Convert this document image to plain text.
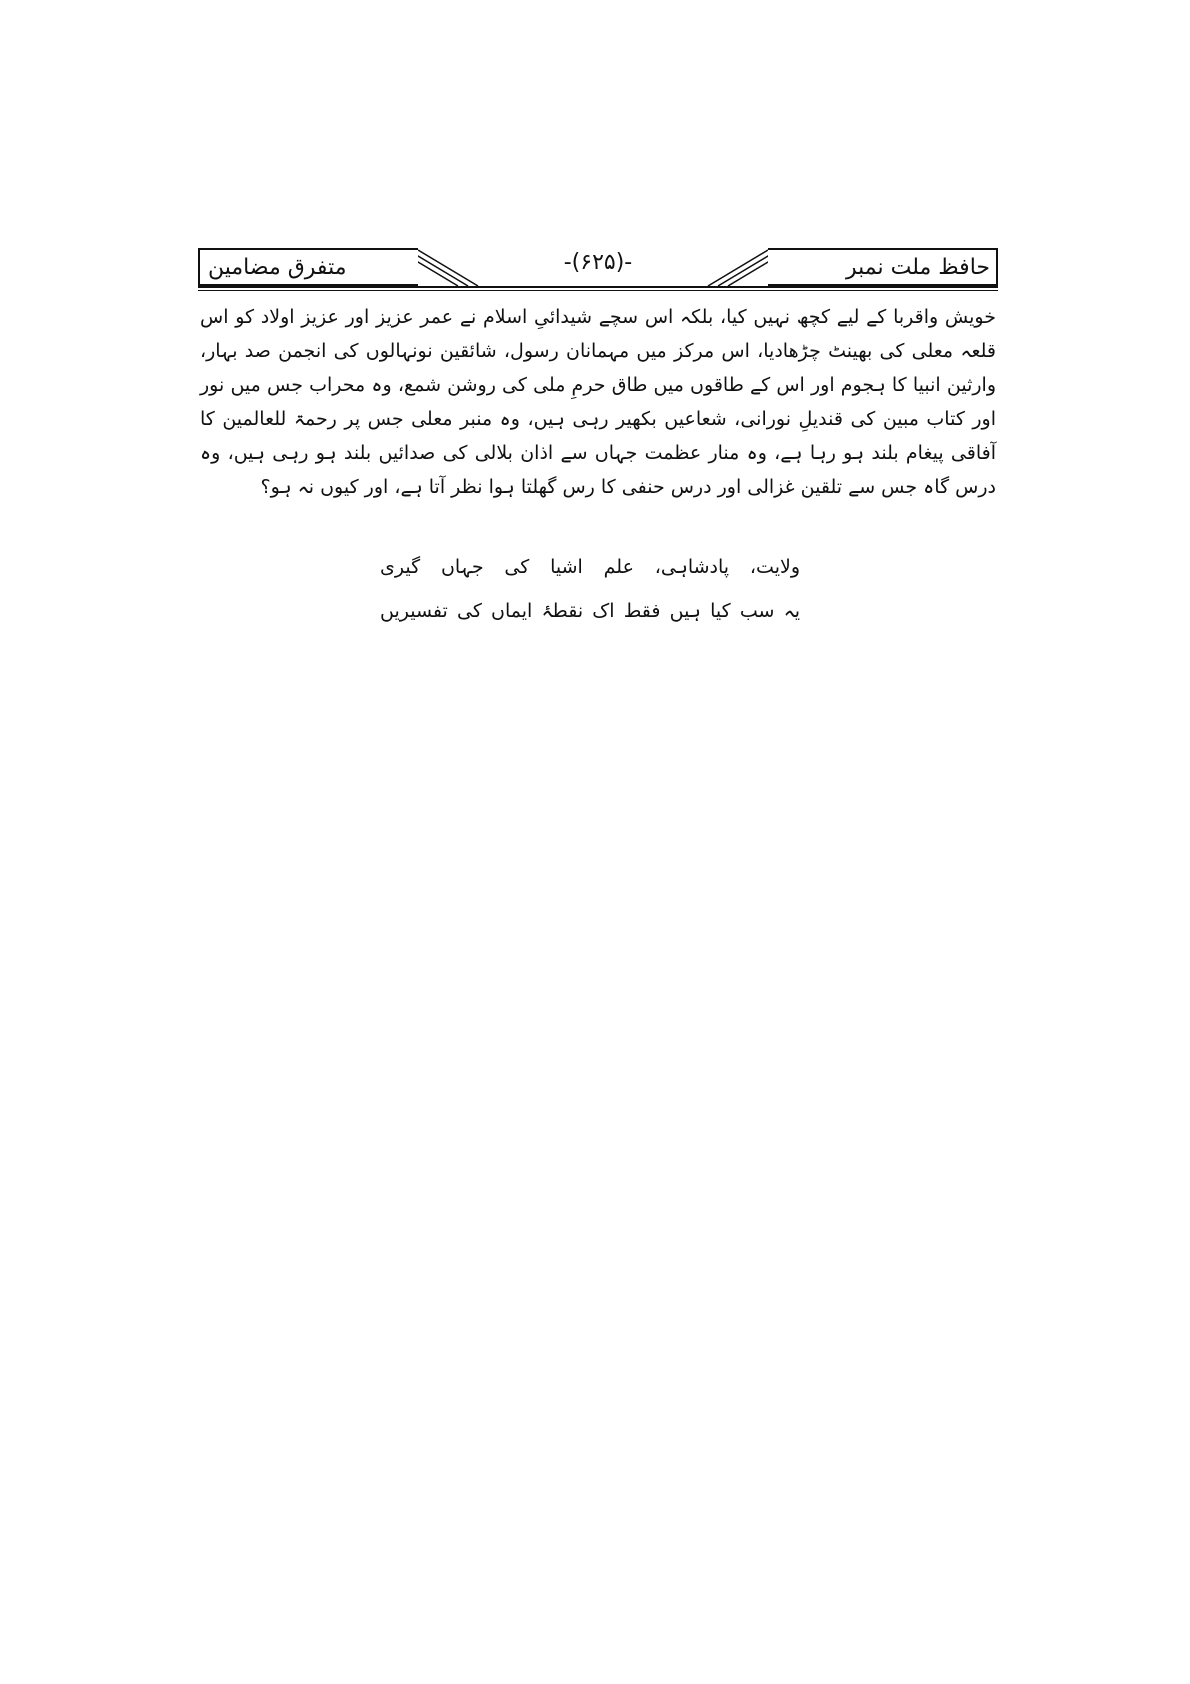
حافظ ملت نمبر
-(۶۲۵)-
متفرق مضامین

خویش واقربا کے لیے کچھ نہیں کیا، بلکہ اس سچے شیدائیِ اسلام نے عمر عزیز اور عزیز اولاد کو اس قلعہ معلی کی بھینٹ چڑھادیا، اس مرکز میں مہمانان رسول، شائقین نونہالوں کی انجمن صد بہار، وارثین انبیا کا ہجوم اور اس کے طاقوں میں طاق حرمِ ملی کی روشن شمع، وہ محراب جس میں نور اور کتاب مبین کی قندیلِ نورانی، شعاعیں بکھیر رہی ہیں، وہ منبر معلی جس پر رحمۃ للعالمین کا آفاقی پیغام بلند ہو رہا ہے، وہ منار عظمت جہاں سے اذان بلالی کی صدائیں بلند ہو رہی ہیں، وہ درس گاہ جس سے تلقین غزالی اور درس حنفی کا رس گھلتا ہوا نظر آتا ہے، اور کیوں نہ ہو؟

ولایت، پادشاہی، علم اشیا کی جہاں گیری
یہ سب کیا ہیں فقط اک نقطۂ ایماں کی تفسیریں
